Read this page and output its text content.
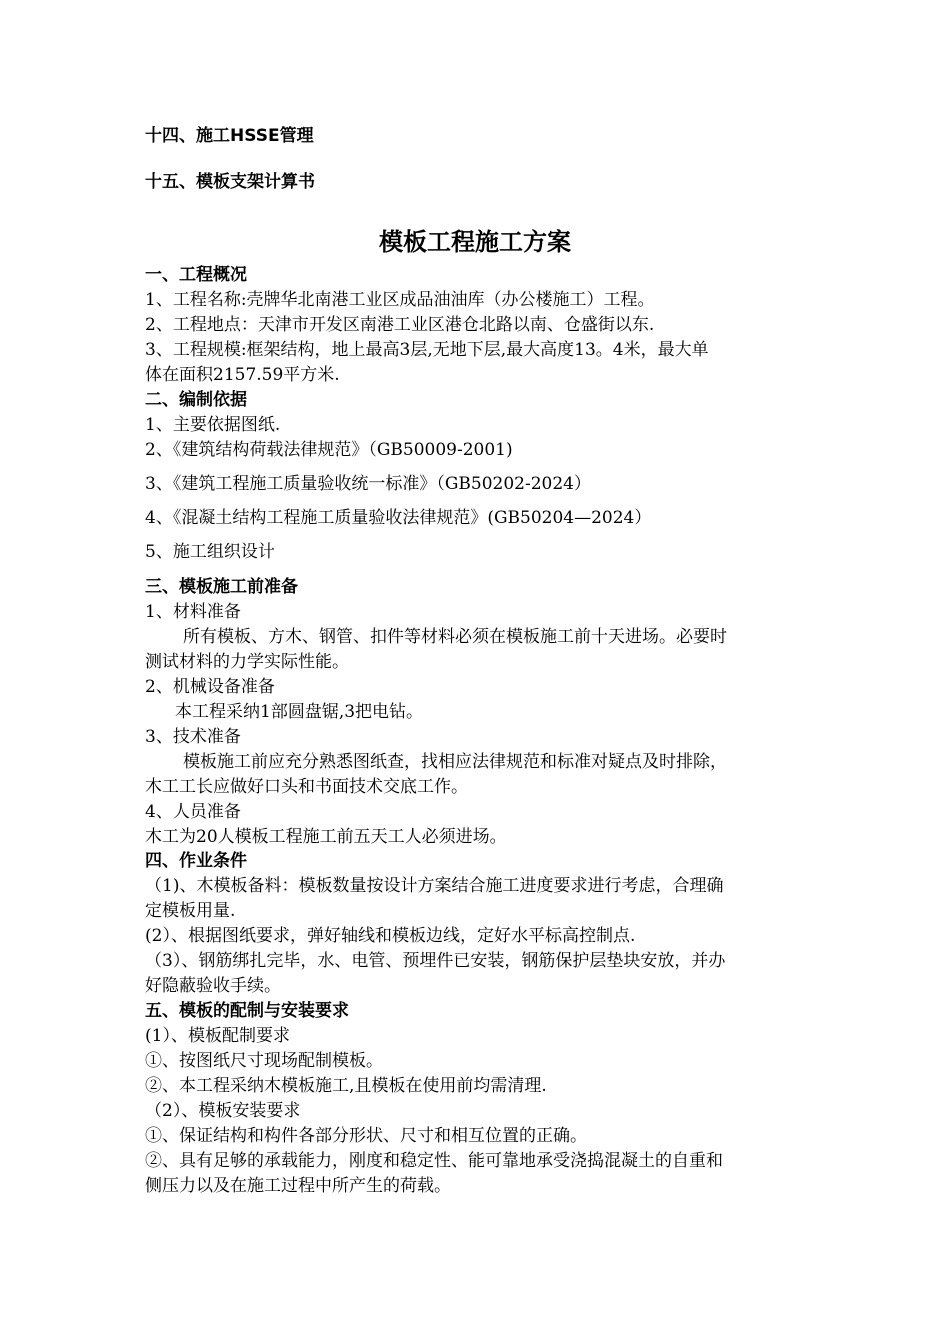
十四、施工HSSE管理
十五、模板支架计算书
模板工程施工方案
一、工程概况
1、工程名称:壳牌华北南港工业区成品油油库（办公楼施工）工程。
2、工程地点：天津市开发区南港工业区港仓北路以南、仓盛街以东.
3、工程规模:框架结构，地上最高3层,无地下层,最大高度13。4米，最大单
体在面积2157.59平方米.
二、编制依据
1、主要依据图纸.
2、《建筑结构荷载法律规范》（GB50009-2001)
3、《建筑工程施工质量验收统一标准》（GB50202-2024）
4、《混凝土结构工程施工质量验收法律规范》(GB50204—2024）
5、施工组织设计
三、模板施工前准备
1、材料准备
所有模板、方木、钢管、扣件等材料必须在模板施工前十天进场。必要时
测试材料的力学实际性能。
2、机械设备准备
本工程采纳1部圆盘锯,3把电钻。
3、技术准备
模板施工前应充分熟悉图纸查，找相应法律规范和标准对疑点及时排除，
木工工长应做好口头和书面技术交底工作。
4、人员准备
木工为20人模板工程施工前五天工人必须进场。
四、作业条件
（1)、木模板备料：模板数量按设计方案结合施工进度要求进行考虑，合理确
定模板用量.
(2）、根据图纸要求，弹好轴线和模板边线，定好水平标高控制点.
（3）、钢筋绑扎完毕，水、电管、预埋件已安装，钢筋保护层垫块安放，并办
好隐蔽验收手续。
五、模板的配制与安装要求
(1）、模板配制要求
①、按图纸尺寸现场配制模板。
②、本工程采纳木模板施工,且模板在使用前均需清理.
（2）、模板安装要求
①、保证结构和构件各部分形状、尺寸和相互位置的正确。
②、具有足够的承载能力，刚度和稳定性、能可靠地承受浇捣混凝土的自重和
侧压力以及在施工过程中所产生的荷载。
